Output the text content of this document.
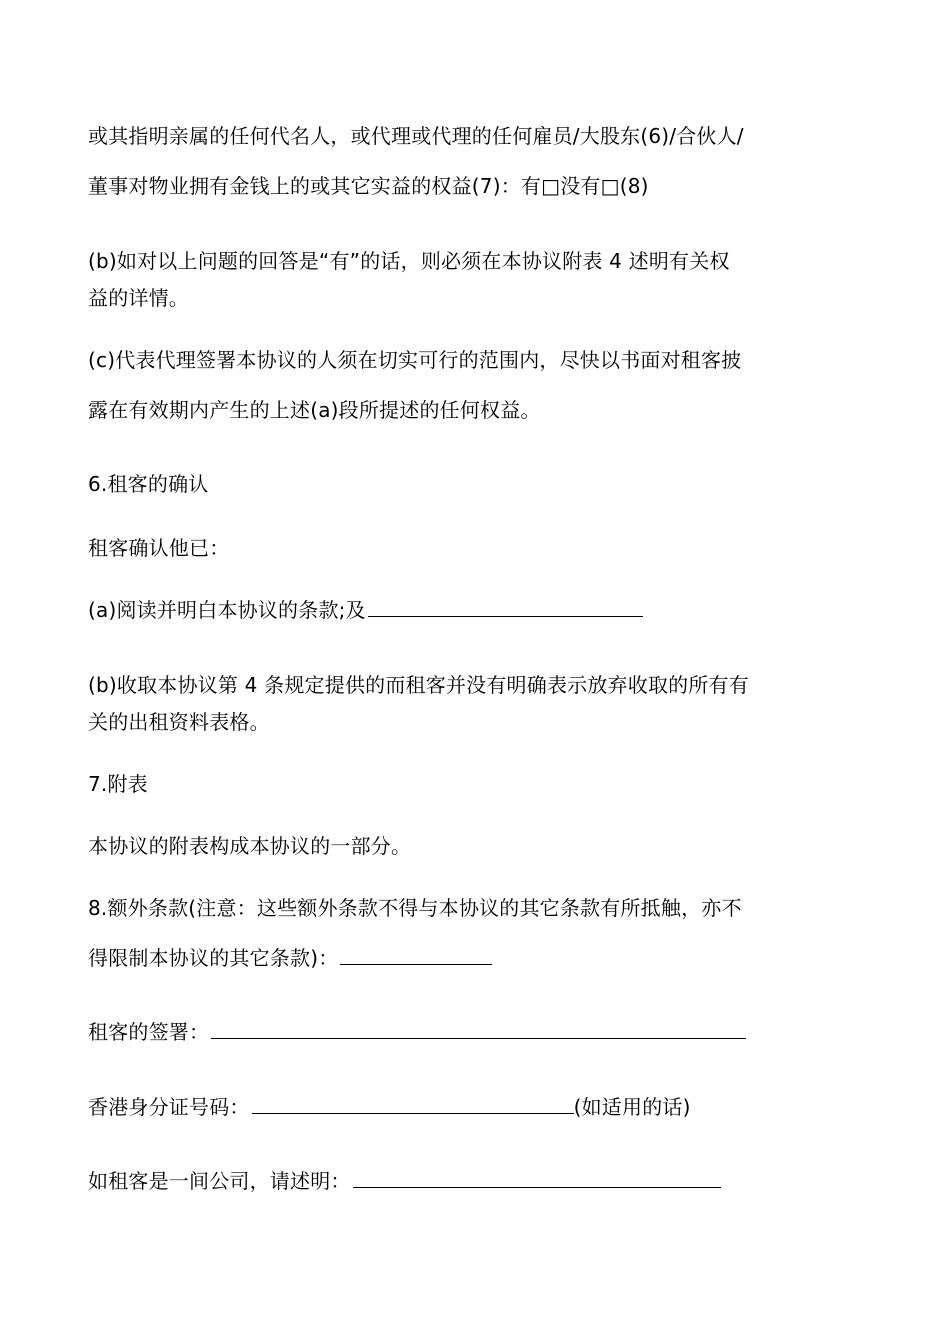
或其指明亲属的任何代名人，或代理或代理的任何雇员/大股东(6)/合伙人/
董事对物业拥有金钱上的或其它实益的权益(7)：有□没有□(8)
(b)如对以上问题的回答是“有”的话，则必须在本协议附表 4 述明有关权
益的详情。
(c)代表代理签署本协议的人须在切实可行的范围内，尽快以书面对租客披
露在有效期内产生的上述(a)段所提述的任何权益。
6.租客的确认
租客确认他已：
(a)阅读并明白本协议的条款;及
(b)收取本协议第 4 条规定提供的而租客并没有明确表示放弃收取的所有有
关的出租资料表格。
7.附表
本协议的附表构成本协议的一部分。
8.额外条款(注意：这些额外条款不得与本协议的其它条款有所抵触，亦不
得限制本协议的其它条款)：
租客的签署：
香港身分证号码：	(如适用的话)
如租客是一间公司，请述明：
